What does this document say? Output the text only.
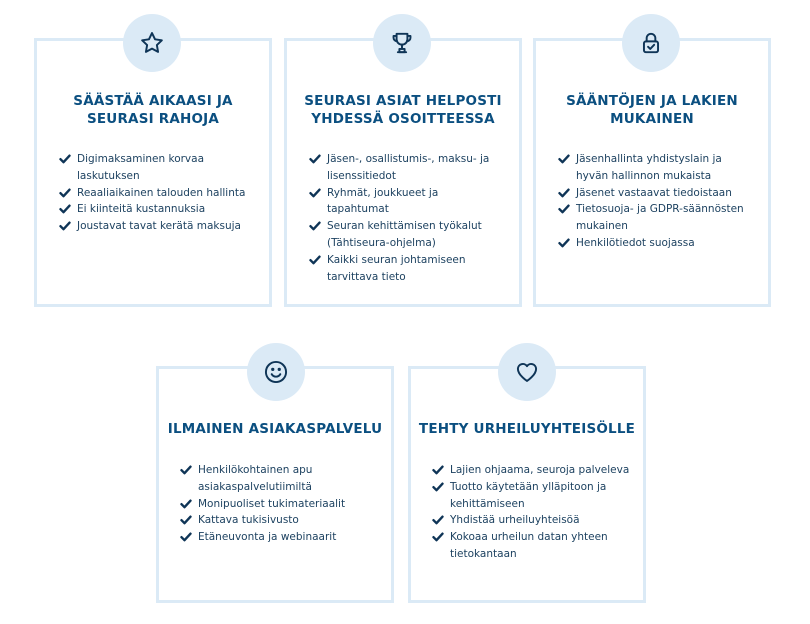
SÄÄSTÄÄ AIKAASI JA SEURASI RAHOJA
Digimaksaminen korvaa laskutuksen
Reaaliaikainen talouden hallinta
Ei kiinteitä kustannuksia
Joustavat tavat kerätä maksuja
SEURASI ASIAT HELPOSTI YHDESSÄ OSOITTEESSA
Jäsen-, osallistumis-, maksu- ja lisenssitiedot
Ryhmät, joukkueet ja tapahtumat
Seuran kehittämisen työkalut (Tähtiseura-ohjelma)
Kaikki seuran johtamiseen tarvittava tieto
SÄÄNTÖJEN JA LAKIEN MUKAINEN
Jäsenhallinta yhdistyslain ja hyvän hallinnon mukaista
Jäsenet vastaavat tiedoistaan
Tietosuoja- ja GDPR-säännösten mukainen
Henkilötiedot suojassa
ILMAINEN ASIAKASPALVELU
Henkilökohtainen apu asiakaspalvelutiimiltä
Monipuoliset tukimateriaalit
Kattava tukisivusto
Etäneuvonta ja webinaarit
TEHTY URHEILUYHTEISÖLLE
Lajien ohjaama, seuroja palveleva
Tuotto käytetään ylläpitoon ja kehittämiseen
Yhdistää urheiluyhteisöä
Kokoaa urheilun datan yhteen tietokantaan
